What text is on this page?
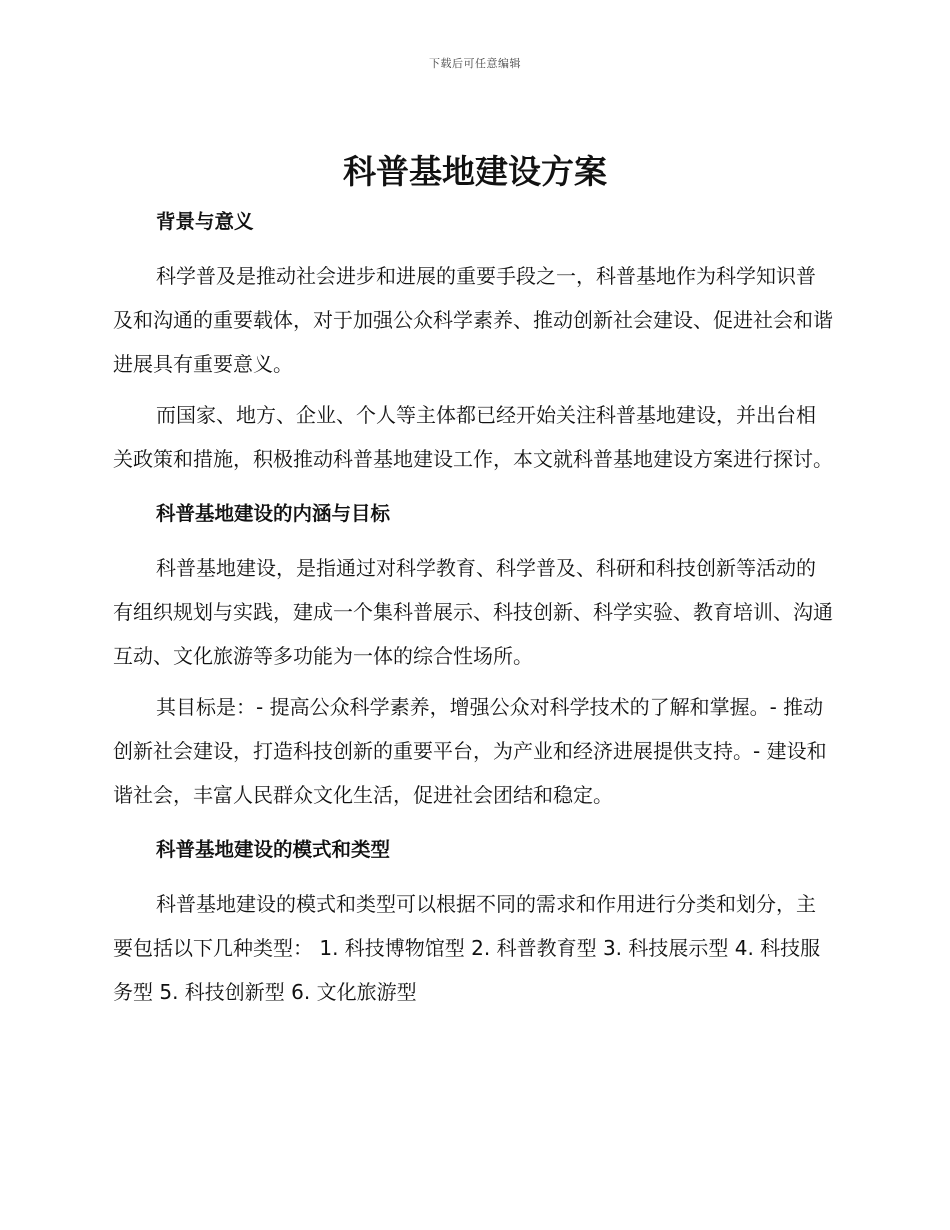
下载后可任意编辑
科普基地建设方案
背景与意义

科学普及是推动社会进步和进展的重要手段之一，科普基地作为科学知识普及和沟通的重要载体，对于加强公众科学素养、推动创新社会建设、促进社会和谐进展具有重要意义。

而国家、地方、企业、个人等主体都已经开始关注科普基地建设，并出台相关政策和措施，积极推动科普基地建设工作，本文就科普基地建设方案进行探讨。

科普基地建设的内涵与目标

科普基地建设，是指通过对科学教育、科学普及、科研和科技创新等活动的有组织规划与实践，建成一个集科普展示、科技创新、科学实验、教育培训、沟通互动、文化旅游等多功能为一体的综合性场所。

其目标是：- 提高公众科学素养，增强公众对科学技术的了解和掌握。- 推动创新社会建设，打造科技创新的重要平台，为产业和经济进展提供支持。- 建设和谐社会，丰富人民群众文化生活，促进社会团结和稳定。

科普基地建设的模式和类型

科普基地建设的模式和类型可以根据不同的需求和作用进行分类和划分，主要包括以下几种类型： 1. 科技博物馆型 2. 科普教育型 3. 科技展示型 4. 科技服务型 5. 科技创新型 6. 文化旅游型
